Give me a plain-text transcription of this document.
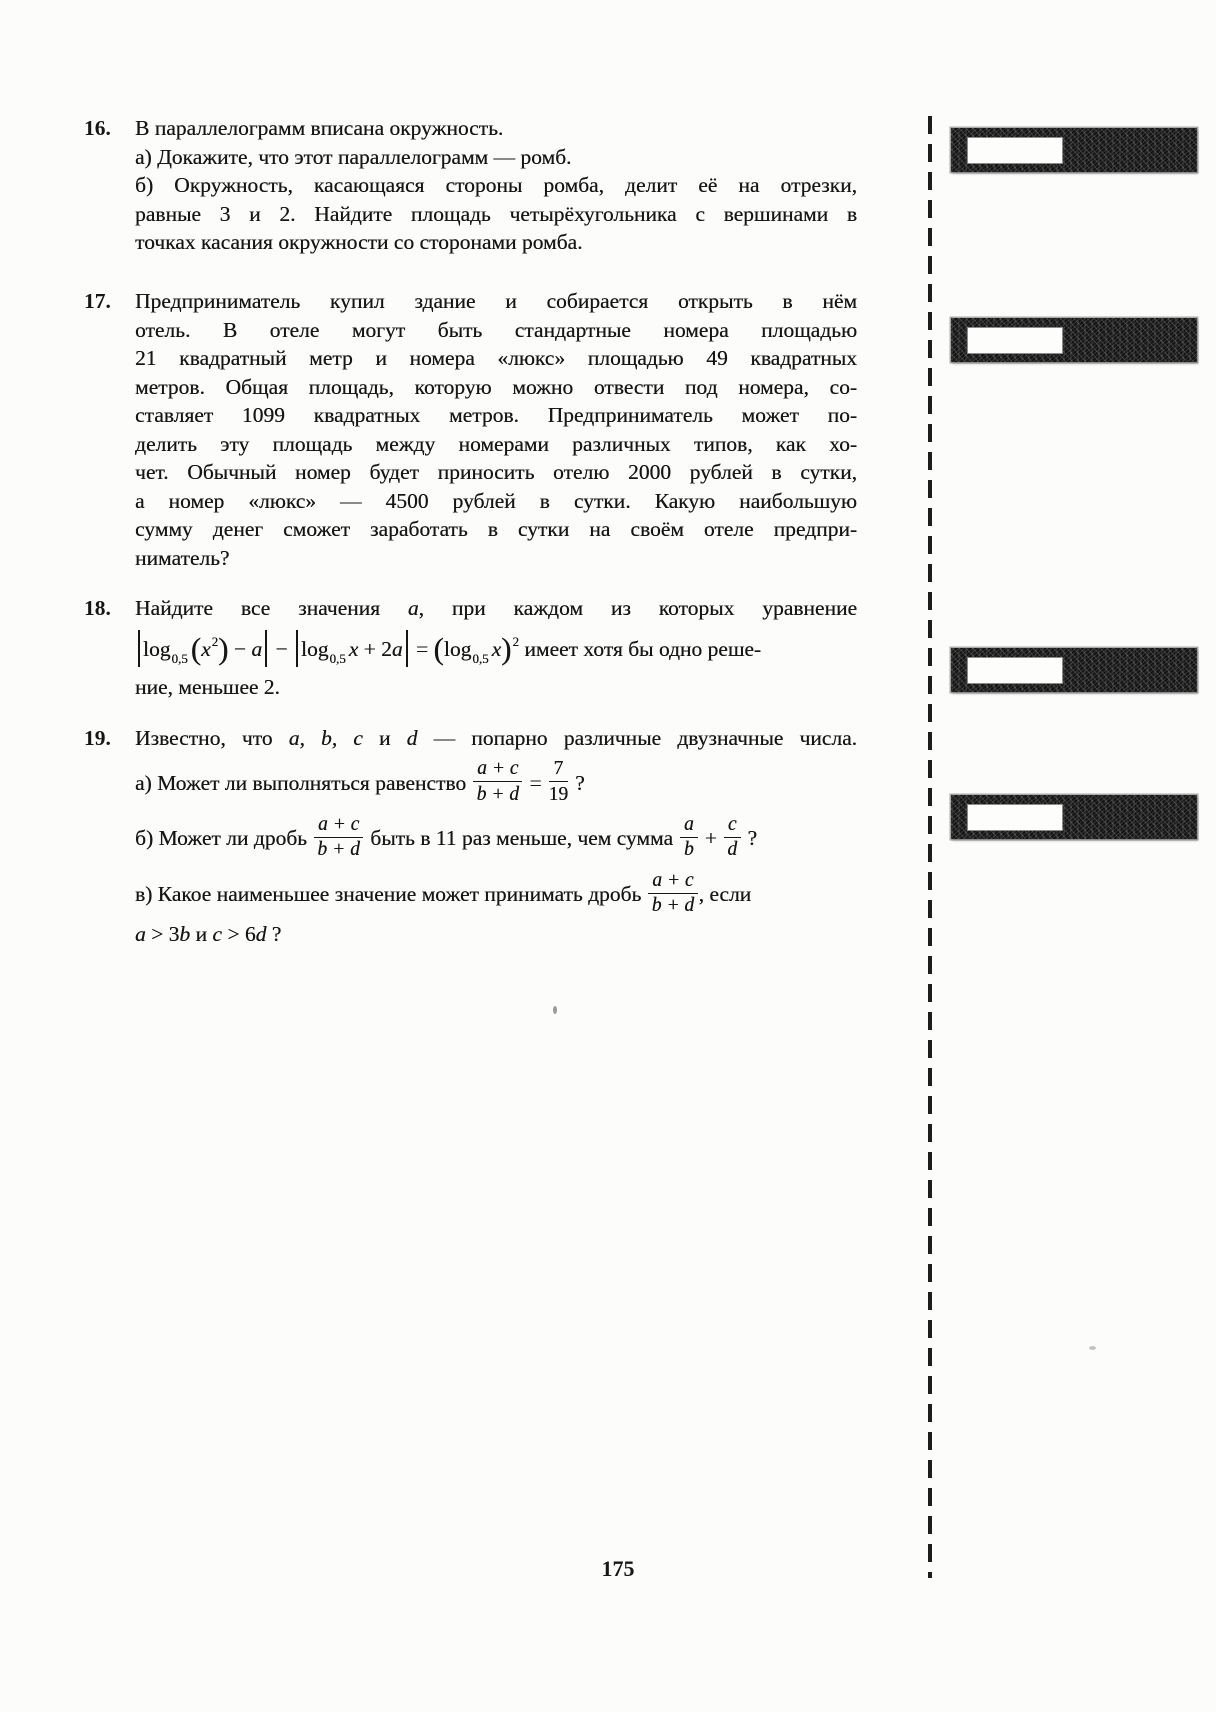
16. В параллелограмм вписана окружность.

а) Докажите, что этот параллелограмм — ромб.

б) Окружность, касающаяся стороны ромба, делит её на отрезки,

равные 3 и 2. Найдите площадь четырёхугольника с вершинами в

точках касания окружности со сторонами ромба.

17. Предприниматель купил здание и собирается открыть в нём

отель. В отеле могут быть стандартные номера площадью

21 квадратный метр и номера «люкс» площадью 49 квадратных

метров. Общая площадь, которую можно отвести под номера, со-

ставляет 1099 квадратных метров. Предприниматель может по-

делить эту площадь между номерами различных типов, как хо-

чет. Обычный номер будет приносить отелю 2000 рублей в сутки,

а номер «люкс» — 4500 рублей в сутки. Какую наибольшую

сумму денег сможет заработать в сутки на своём отеле предпри-

ниматель?

18. Найдите все значения a, при каждом из которых уравнение

$\log_{0,5}(x^2) - a - \log_{0,5} x + 2a = (\log_{0,5}$ x)$^2$ имеет хотя бы одно реше-

ние, меньшее 2.

19. Известно, что a, b, c и d — попарно различные двузначные числа.

а) Может ли выполняться равенство $\frac{a + c}{b + d} = \frac{7}{19}$ ?

б) Может ли дробь $\frac{a + c}{b + d}$ быть в 11 раз меньше, чем сумма $\frac{a}{b} + \frac{c}{d}$ ?

в) Какое наименьшее значение может принимать дробь $\frac{a + c}{b + d}$ , если

a > 3b и c > 6d ?

175
